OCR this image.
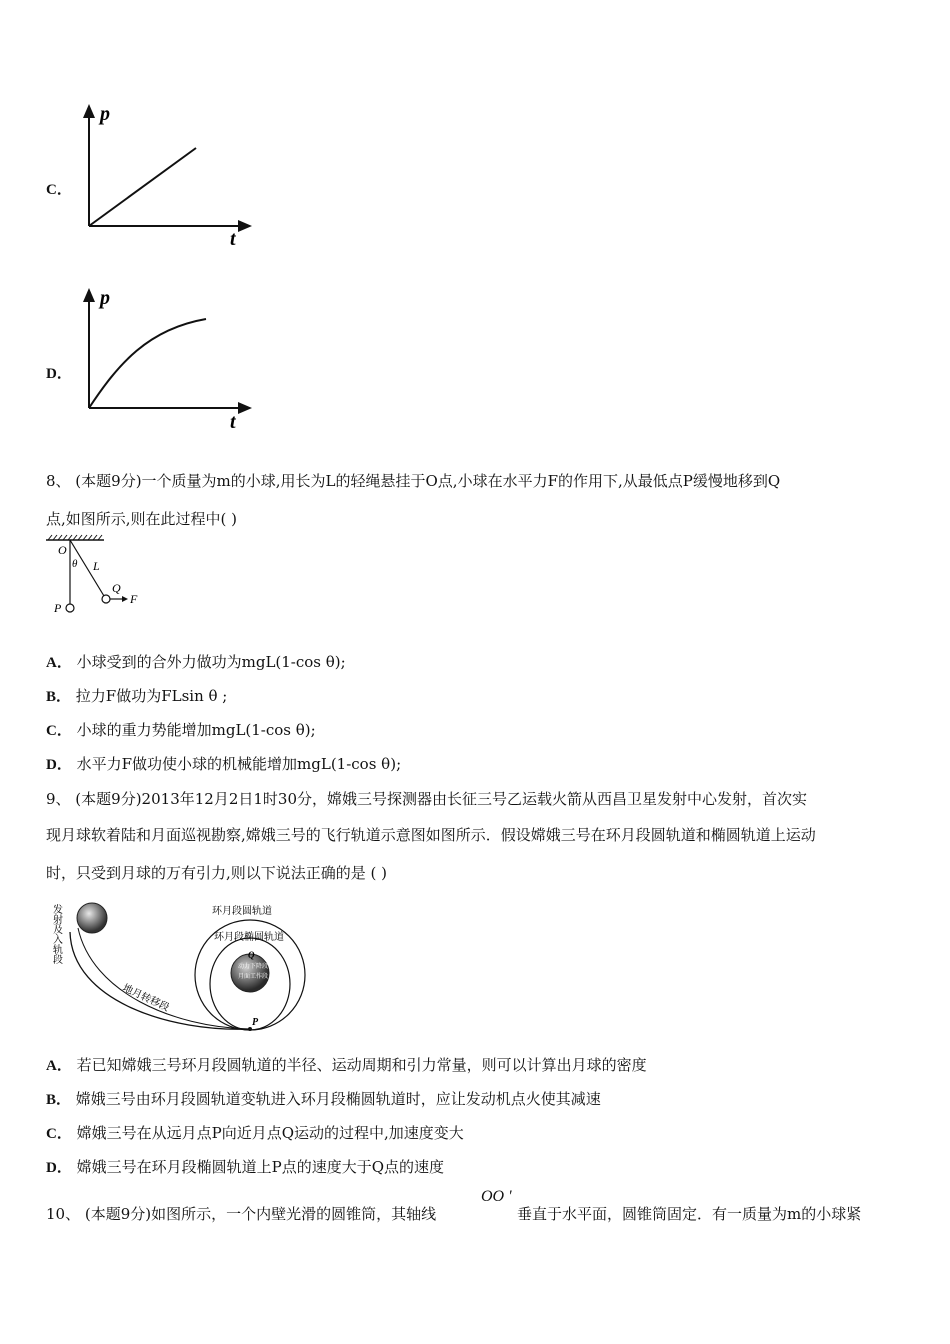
C．
p
t
D．
p
t
8、 (本题9分)一个质量为m的小球,用长为L的轻绳悬挂于O点,小球在水平力F的作用下,从最低点P缓慢地移到Q
点,如图所示,则在此过程中( )
O
θ L
Q
F
P
A． 小球受到的合外力做功为mgL(1-cos θ);
B． 拉力F做功为FLsin θ ;
C． 小球的重力势能增加mgL(1-cos θ);
D． 水平力F做功使小球的机械能增加mgL(1-cos θ);
9、 (本题9分)2013年12月2日1时30分，嫦娥三号探测器由长征三号乙运载火箭从西昌卫星发射中心发射，首次实
现月球软着陆和月面巡视勘察,嫦娥三号的飞行轨道示意图如图所示．假设嫦娥三号在环月段圆轨道和椭圆轨道上运动
时，只受到月球的万有引力,则以下说法正确的是 ( )
发射及入轨段
地月转移段
环月段圆轨道
环月段椭圆轨道
Q
动力下降段
月面工作段
P
A． 若已知嫦娥三号环月段圆轨道的半径、运动周期和引力常量，则可以计算出月球的密度
B． 嫦娥三号由环月段圆轨道变轨进入环月段椭圆轨道时，应让发动机点火使其减速
C． 嫦娥三号在从远月点P向近月点Q运动的过程中,加速度变大
D． 嫦娥三号在环月段椭圆轨道上P点的速度大于Q点的速度
10、 (本题9分)如图所示，一个内壁光滑的圆锥筒，其轴线
OO '
垂直于水平面，圆锥筒固定．有一质量为m的小球紧
